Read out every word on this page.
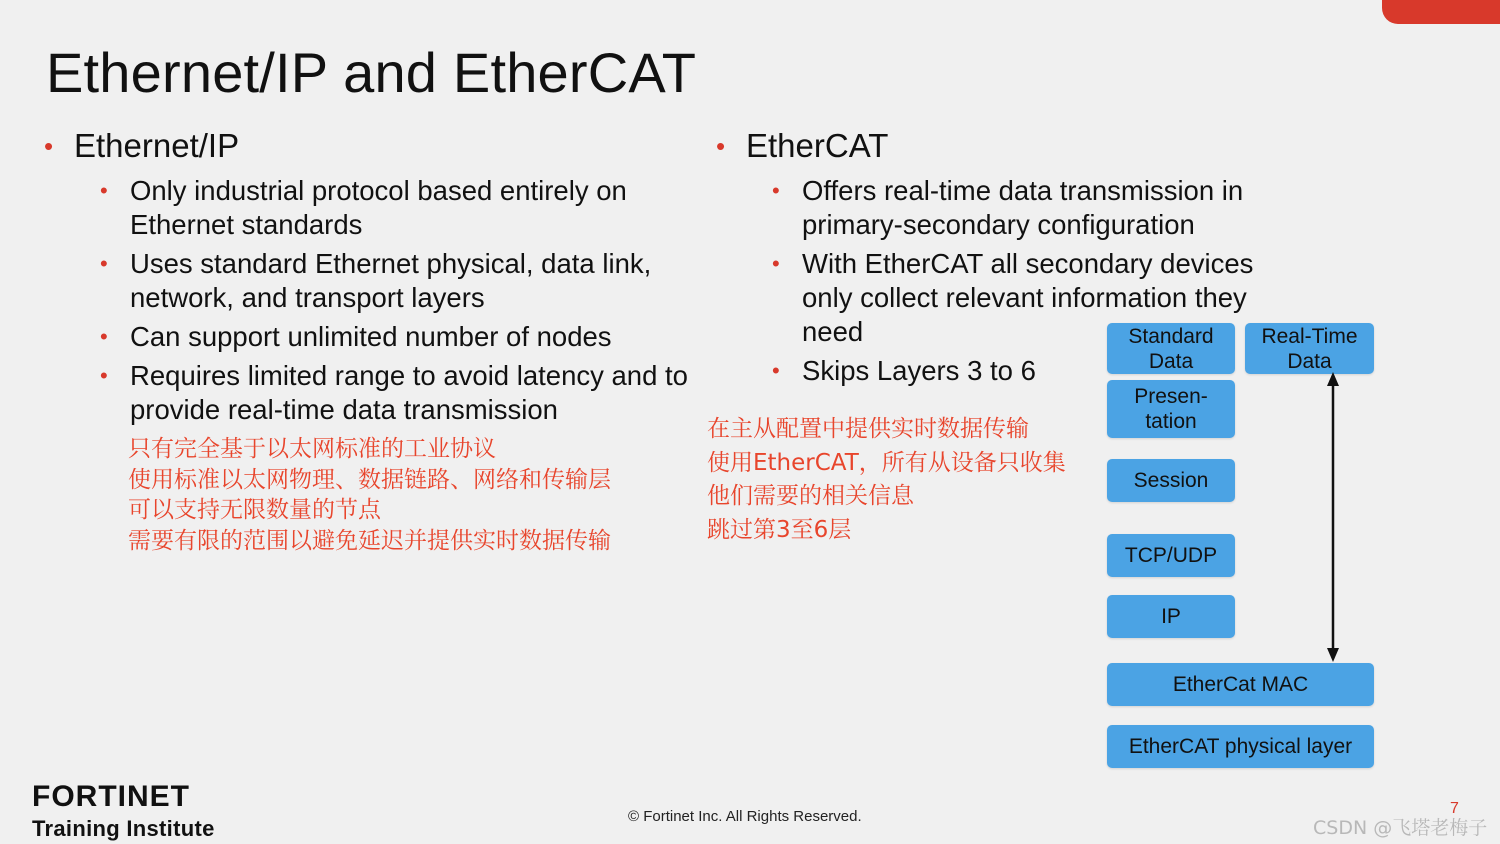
Ethernet/IP and EtherCAT
• Ethernet/IP
• Only industrial protocol based entirely on Ethernet standards
• Uses standard Ethernet physical, data link, network, and transport layers
• Can support unlimited number of nodes
• Requires limited range to avoid latency and to provide real-time data transmission
只有完全基于以太网标准的工业协议
使用标准以太网物理、数据链路、网络和传输层
可以支持无限数量的节点
需要有限的范围以避免延迟并提供实时数据传输
• EtherCAT
• Offers real-time data transmission in primary-secondary configuration
• With EtherCAT all secondary devices only collect relevant information they need
• Skips Layers 3 to 6
在主从配置中提供实时数据传输
使用EtherCAT，所有从设备只收集
他们需要的相关信息
跳过第3至6层
Standard Data
Real-Time Data
Presen-tation
Session
TCP/UDP
IP
EtherCat MAC
EtherCAT physical layer
FORTINET
Training Institute	© Fortinet Inc. All Rights Reserved.	7
CSDN @飞塔老梅子
